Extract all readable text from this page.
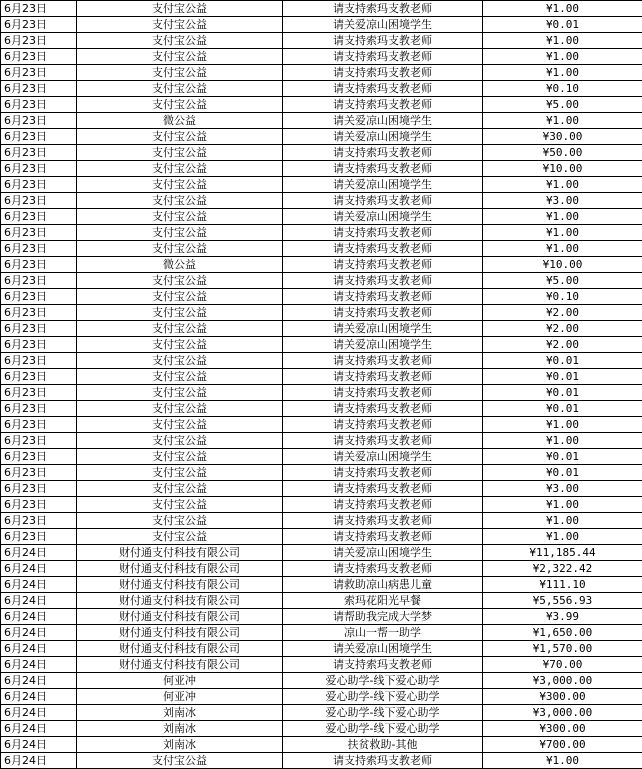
6月23日	支付宝公益	请支持索玛支教老师	¥1.00
6月23日	支付宝公益	请关爱凉山困境学生	¥0.01
6月23日	支付宝公益	请支持索玛支教老师	¥1.00
6月23日	支付宝公益	请支持索玛支教老师	¥1.00
6月23日	支付宝公益	请支持索玛支教老师	¥1.00
6月23日	支付宝公益	请支持索玛支教老师	¥0.10
6月23日	支付宝公益	请支持索玛支教老师	¥5.00
6月23日	微公益	请关爱凉山困境学生	¥1.00
6月23日	支付宝公益	请关爱凉山困境学生	¥30.00
6月23日	支付宝公益	请支持索玛支教老师	¥50.00
6月23日	支付宝公益	请支持索玛支教老师	¥10.00
6月23日	支付宝公益	请关爱凉山困境学生	¥1.00
6月23日	支付宝公益	请支持索玛支教老师	¥3.00
6月23日	支付宝公益	请关爱凉山困境学生	¥1.00
6月23日	支付宝公益	请支持索玛支教老师	¥1.00
6月23日	支付宝公益	请支持索玛支教老师	¥1.00
6月23日	微公益	请支持索玛支教老师	¥10.00
6月23日	支付宝公益	请支持索玛支教老师	¥5.00
6月23日	支付宝公益	请支持索玛支教老师	¥0.10
6月23日	支付宝公益	请支持索玛支教老师	¥2.00
6月23日	支付宝公益	请关爱凉山困境学生	¥2.00
6月23日	支付宝公益	请关爱凉山困境学生	¥2.00
6月23日	支付宝公益	请支持索玛支教老师	¥0.01
6月23日	支付宝公益	请支持索玛支教老师	¥0.01
6月23日	支付宝公益	请支持索玛支教老师	¥0.01
6月23日	支付宝公益	请支持索玛支教老师	¥0.01
6月23日	支付宝公益	请支持索玛支教老师	¥1.00
6月23日	支付宝公益	请支持索玛支教老师	¥1.00
6月23日	支付宝公益	请关爱凉山困境学生	¥0.01
6月23日	支付宝公益	请支持索玛支教老师	¥0.01
6月23日	支付宝公益	请支持索玛支教老师	¥3.00
6月23日	支付宝公益	请支持索玛支教老师	¥1.00
6月23日	支付宝公益	请支持索玛支教老师	¥1.00
6月23日	支付宝公益	请支持索玛支教老师	¥1.00
6月24日	财付通支付科技有限公司	请关爱凉山困境学生	¥11,185.44
6月24日	财付通支付科技有限公司	请支持索玛支教老师	¥2,322.42
6月24日	财付通支付科技有限公司	请救助凉山病患儿童	¥111.10
6月24日	财付通支付科技有限公司	索玛花阳光早餐	¥5,556.93
6月24日	财付通支付科技有限公司	请帮助我完成大学梦	¥3.99
6月24日	财付通支付科技有限公司	凉山一帮一助学	¥1,650.00
6月24日	财付通支付科技有限公司	请关爱凉山困境学生	¥1,570.00
6月24日	财付通支付科技有限公司	请支持索玛支教老师	¥70.00
6月24日	何亚冲	爱心助学-线下爱心助学	¥3,000.00
6月24日	何亚冲	爱心助学-线下爱心助学	¥300.00
6月24日	刘南冰	爱心助学-线下爱心助学	¥3,000.00
6月24日	刘南冰	爱心助学-线下爱心助学	¥300.00
6月24日	刘南冰	扶贫救助-其他	¥700.00
6月24日	支付宝公益	请支持索玛支教老师	¥1.00
